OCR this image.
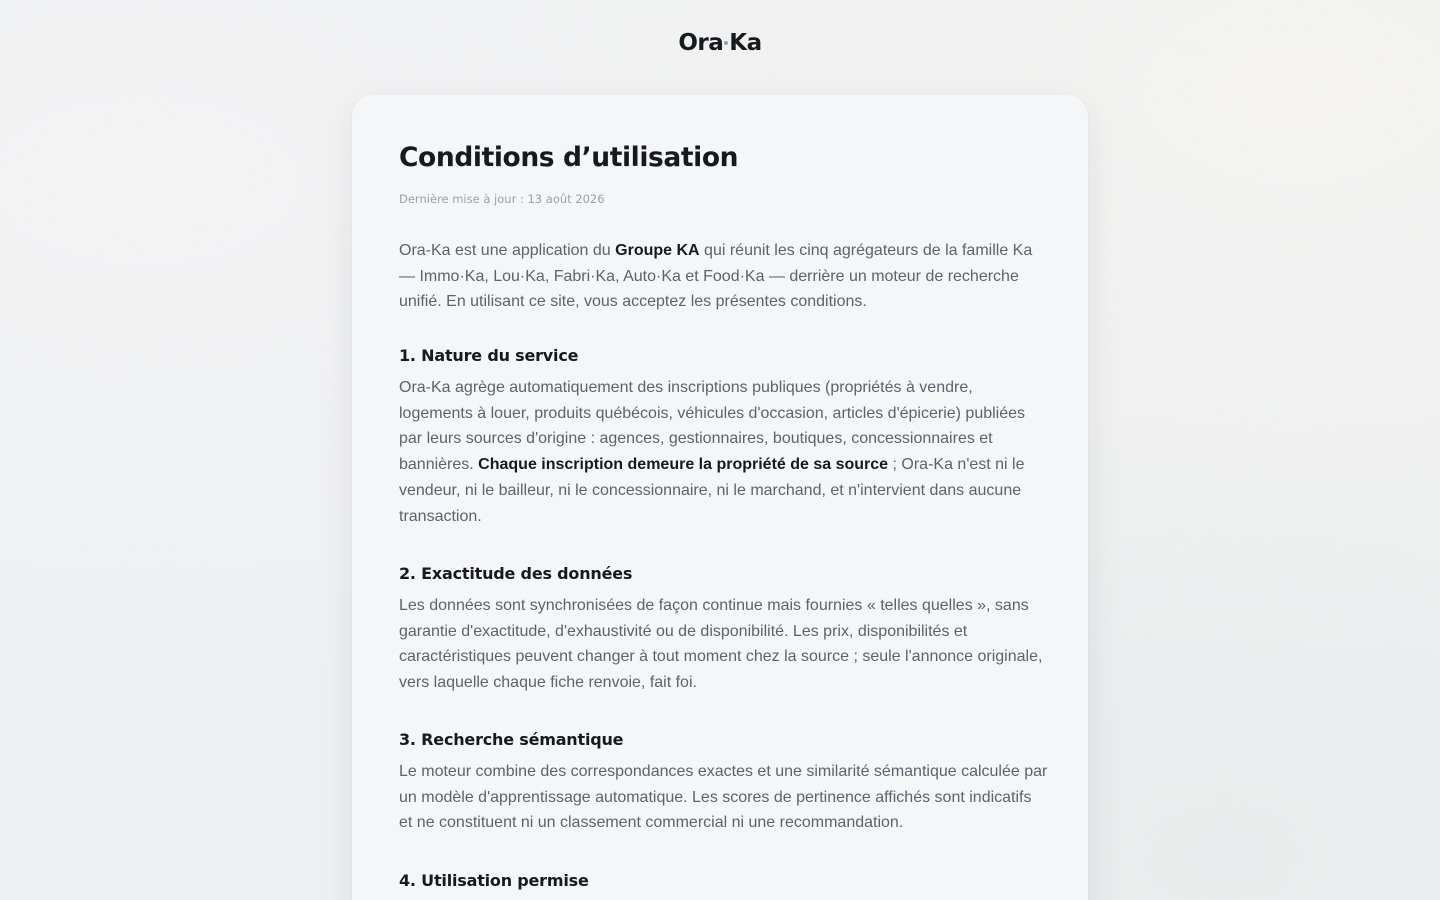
Ora Ka
Conditions d’utilisation
Dernière mise à jour : 13 août 2026

Ora-Ka est une application du Groupe KA qui réunit les cinq agrégateurs de la famille Ka — Immo·Ka, Lou·Ka, Fabri·Ka, Auto·Ka et Food·Ka — derrière un moteur de recherche unifié. En utilisant ce site, vous acceptez les présentes conditions.

1. Nature du service

Ora-Ka agrège automatiquement des inscriptions publiques (propriétés à vendre, logements à louer, produits québécois, véhicules d'occasion, articles d'épicerie) publiées par leurs sources d'origine : agences, gestionnaires, boutiques, concessionnaires et bannières. Chaque inscription demeure la propriété de sa source ; Ora-Ka n'est ni le vendeur, ni le bailleur, ni le concessionnaire, ni le marchand, et n'intervient dans aucune transaction.

2. Exactitude des données

Les données sont synchronisées de façon continue mais fournies « telles quelles », sans garantie d'exactitude, d'exhaustivité ou de disponibilité. Les prix, disponibilités et caractéristiques peuvent changer à tout moment chez la source ; seule l'annonce originale, vers laquelle chaque fiche renvoie, fait foi.

3. Recherche sémantique

Le moteur combine des correspondances exactes et une similarité sémantique calculée par un modèle d'apprentissage automatique. Les scores de pertinence affichés sont indicatifs et ne constituent ni un classement commercial ni une recommandation.

4. Utilisation permise
